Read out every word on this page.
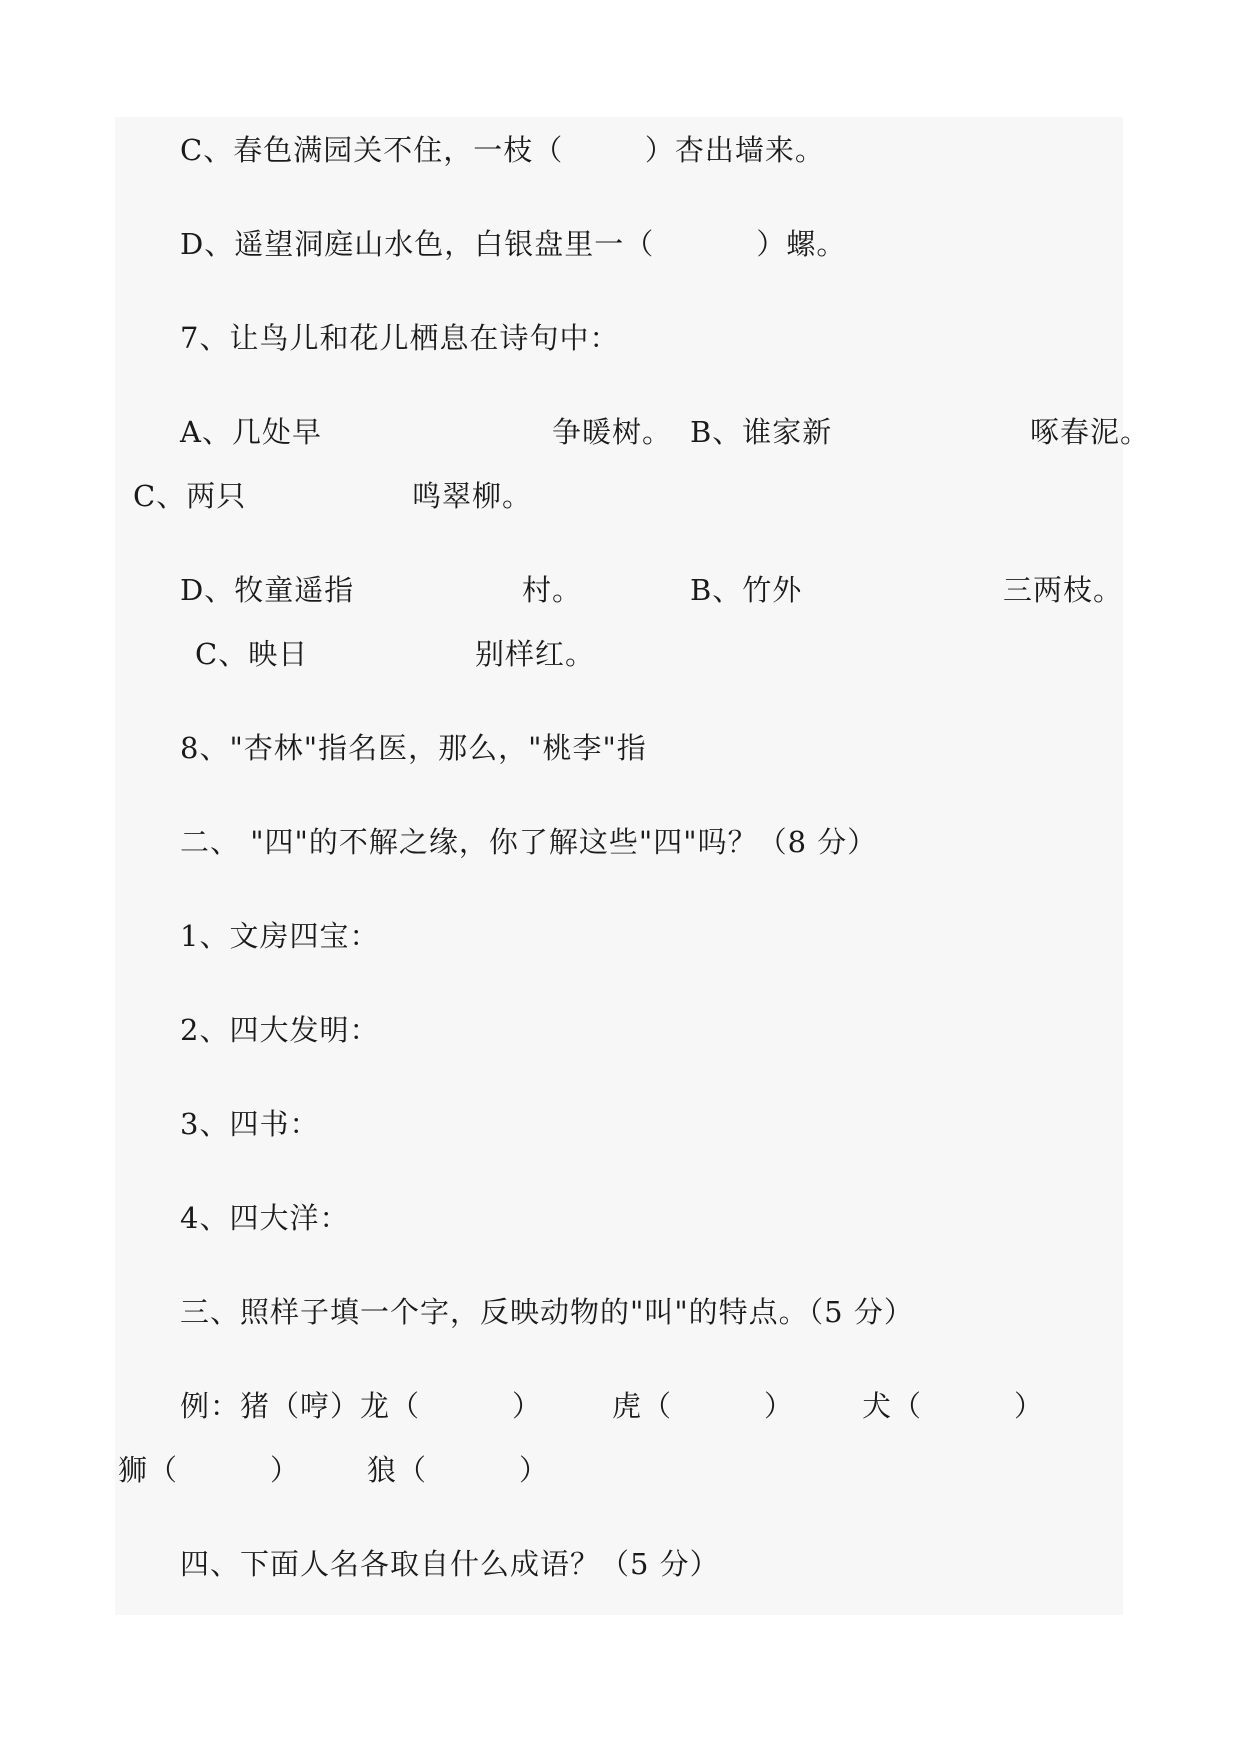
C、春色满园关不住，一枝（        ）杏出墙来。
D、遥望洞庭山水色，白银盘里一（          ）螺。
7、让鸟儿和花儿栖息在诗句中：

A、几处早

	争暖树。

B、谁家新

	啄春泥。

C、两只

	鸣翠柳。

D、牧童遥指

	村。

	B、竹外

	三两枝。

C、映日

	别样红。

8、"杏林"指名医，那么，"桃李"指
二、 "四"的不解之缘，你了解这些"四"吗？（8 分）
1、文房四宝：
2、四大发明：
3、四书：
4、四大洋：
三、照样子填一个字，反映动物的"叫"的特点。（5 分）

例：猪（哼）龙（         ）

虎（         ）

犬（         ）

狮（         ）

狼（         ）

四、下面人名各取自什么成语？（5 分）
